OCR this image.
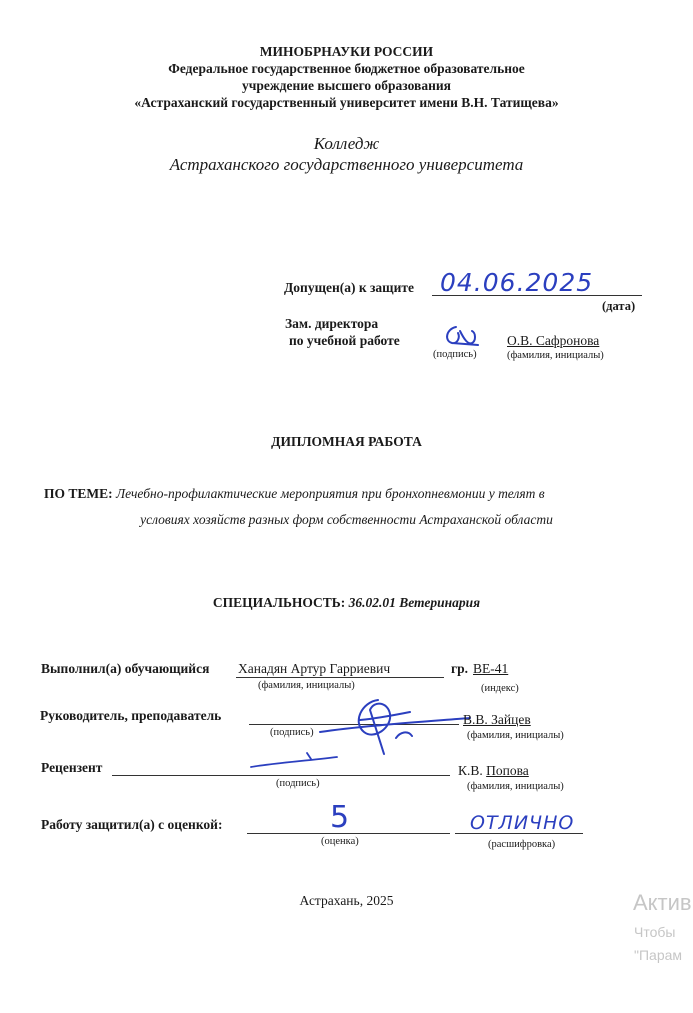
МИНОБРНАУКИ РОССИИ
Федеральное государственное бюджетное образовательное
учреждение высшего образования
«Астраханский государственный университет имени В.Н. Татищева»
Колледж
Астраханского государственного университета
Допущен(а) к защите 04.06.2025
(дата)
Зам. директора
по учебной работе
(подпись)
О.В. Сафронова
(фамилия, инициалы)
ДИПЛОМНАЯ РАБОТА
ПО ТЕМЕ: Лечебно-профилактические мероприятия при бронхопневмонии у телят в
условиях хозяйств разных форм собственности Астраханской области
СПЕЦИАЛЬНОСТЬ: 36.02.01 Ветеринария
Выполнил(а) обучающийся Ханадян Артур Гарриевич
(фамилия, инициалы)
гр. ВЕ-41
(индекс)
Руководитель, преподаватель
(подпись)
В.В. Зайцев
(фамилия, инициалы)
Рецензент
(подпись)
К.В. Попова
(фамилия, инициалы)
Работу защитил(а) с оценкой:	5
(оценка)
ОТЛИЧНО
(расшифровка)
Астрахань, 2025	Актив
Чтобы
"Парам
